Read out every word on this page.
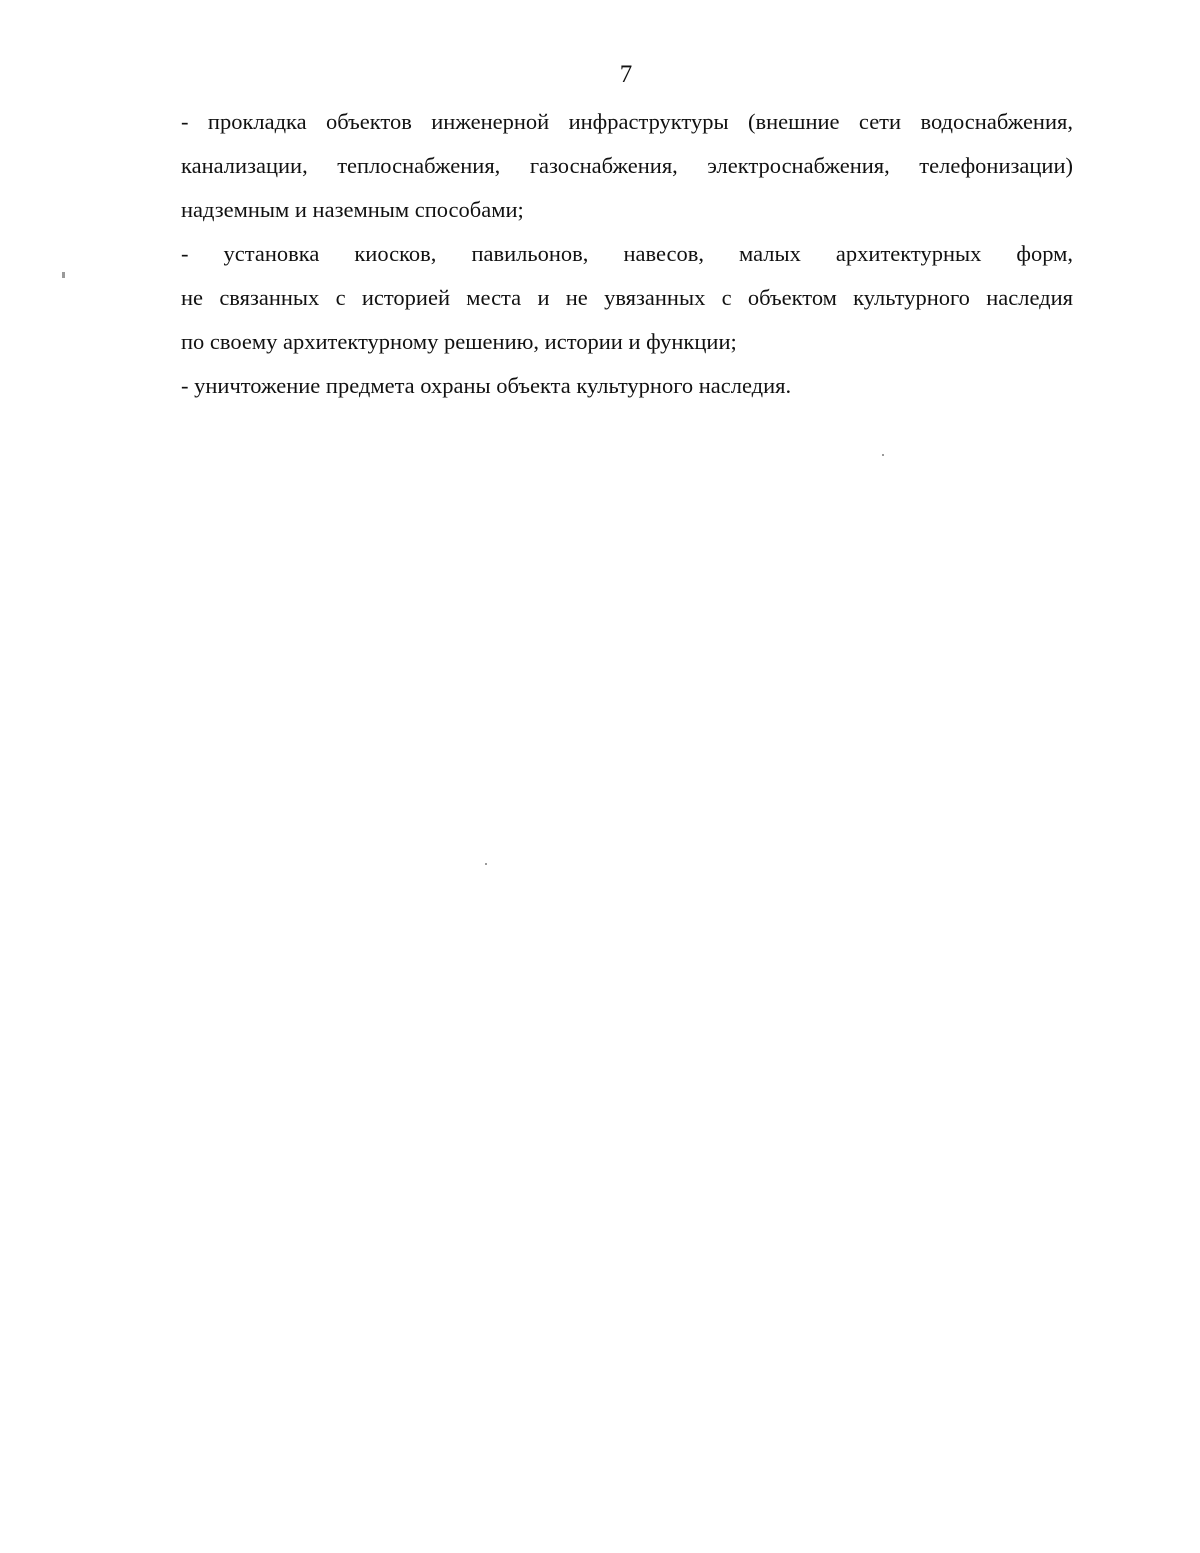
7

- прокладка объектов инженерной инфраструктуры (внешние сети водоснабжения,
канализации, теплоснабжения, газоснабжения, электроснабжения, телефонизации)
надземным и наземным способами;

- установка киосков, павильонов, навесов, малых архитектурных форм,
не связанных с историей места и не увязанных с объектом культурного наследия
по своему архитектурному решению, истории и функции;

- уничтожение предмета охраны объекта культурного наследия.
